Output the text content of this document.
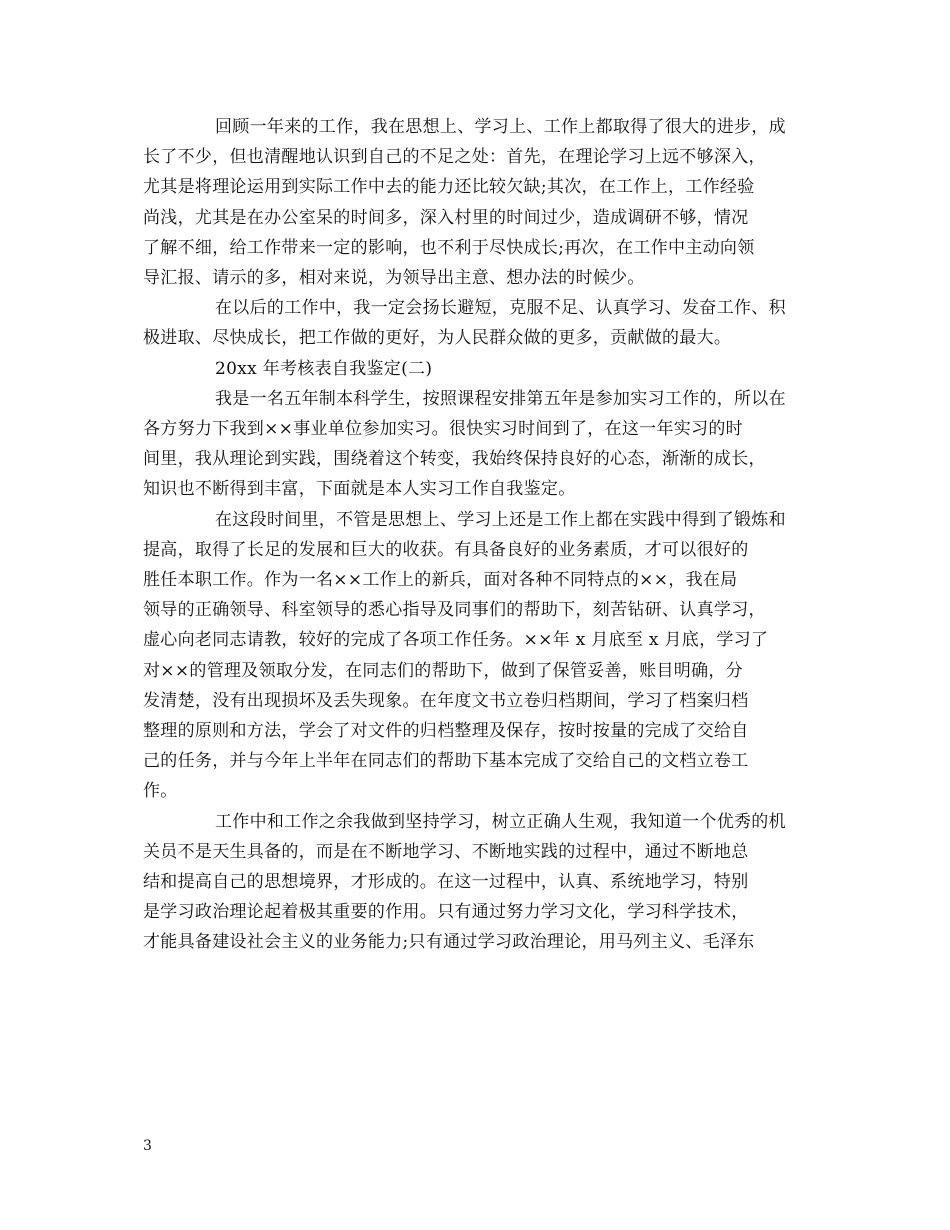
回顾一年来的工作，我在思想上、学习上、工作上都取得了很大的进步，成
长了不少，但也清醒地认识到自己的不足之处：首先，在理论学习上远不够深入，
尤其是将理论运用到实际工作中去的能力还比较欠缺;其次，在工作上，工作经验
尚浅，尤其是在办公室呆的时间多，深入村里的时间过少，造成调研不够，情况
了解不细，给工作带来一定的影响，也不利于尽快成长;再次，在工作中主动向领
导汇报、请示的多，相对来说，为领导出主意、想办法的时候少。
在以后的工作中，我一定会扬长避短，克服不足、认真学习、发奋工作、积
极进取、尽快成长，把工作做的更好，为人民群众做的更多，贡献做的最大。
20xx 年考核表自我鉴定(二)
我是一名五年制本科学生，按照课程安排第五年是参加实习工作的，所以在
各方努力下我到××事业单位参加实习。很快实习时间到了，在这一年实习的时
间里，我从理论到实践，围绕着这个转变，我始终保持良好的心态，渐渐的成长，
知识也不断得到丰富，下面就是本人实习工作自我鉴定。
在这段时间里，不管是思想上、学习上还是工作上都在实践中得到了锻炼和
提高，取得了长足的发展和巨大的收获。有具备良好的业务素质，才可以很好的
胜任本职工作。作为一名××工作上的新兵，面对各种不同特点的××，我在局
领导的正确领导、科室领导的悉心指导及同事们的帮助下，刻苦钻研、认真学习，
虚心向老同志请教，较好的完成了各项工作任务。××年 x 月底至 x 月底，学习了
对××的管理及领取分发，在同志们的帮助下，做到了保管妥善，账目明确，分
发清楚，没有出现损坏及丢失现象。在年度文书立卷归档期间，学习了档案归档
整理的原则和方法，学会了对文件的归档整理及保存，按时按量的完成了交给自
己的任务，并与今年上半年在同志们的帮助下基本完成了交给自己的文档立卷工
作。
工作中和工作之余我做到坚持学习，树立正确人生观，我知道一个优秀的机
关员不是天生具备的，而是在不断地学习、不断地实践的过程中，通过不断地总
结和提高自己的思想境界，才形成的。在这一过程中，认真、系统地学习，特别
是学习政治理论起着极其重要的作用。只有通过努力学习文化，学习科学技术，
才能具备建设社会主义的业务能力;只有通过学习政治理论，用马列主义、毛泽东
3
